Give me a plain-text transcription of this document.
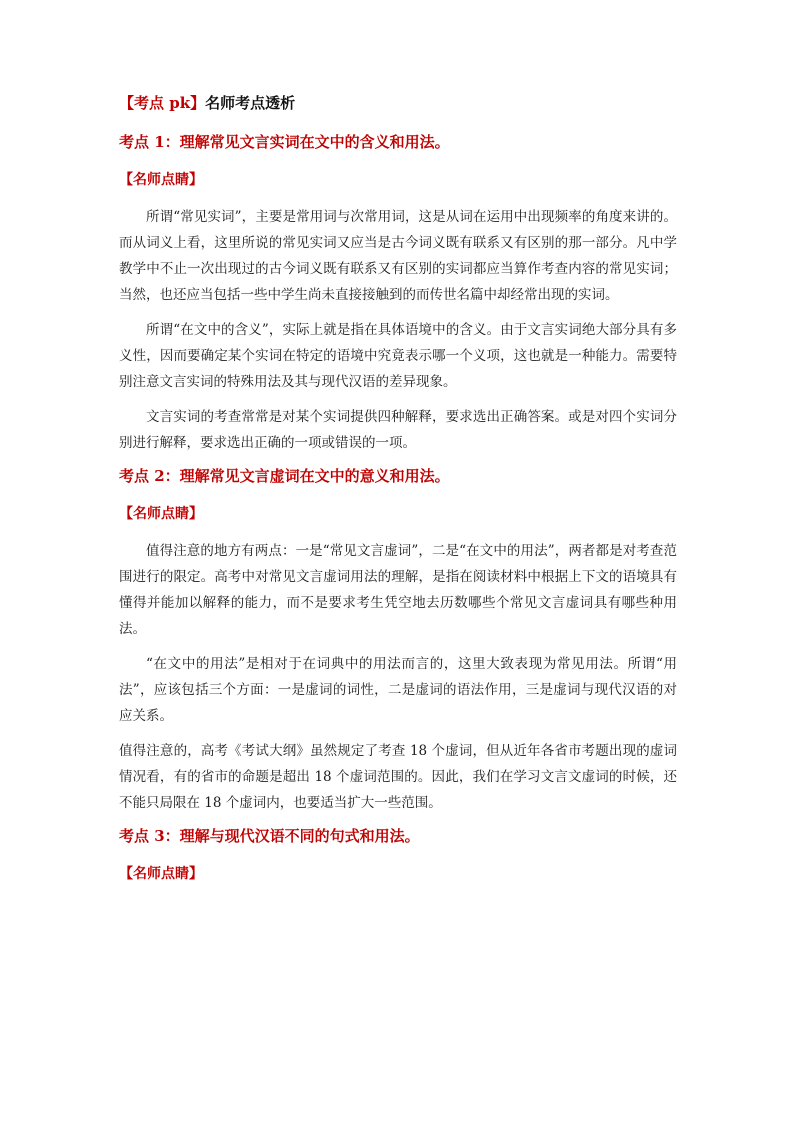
【考点 pk】名师考点透析
考点 1：理解常见文言实词在文中的含义和用法。
【名师点睛】

所谓“常见实词”，主要是常用词与次常用词，这是从词在运用中出现频率的角度来讲的。而从词义上看，这里所说的常见实词又应当是古今词义既有联系又有区别的那一部分。凡中学教学中不止一次出现过的古今词义既有联系又有区别的实词都应当算作考查内容的常见实词；当然，也还应当包括一些中学生尚未直接接触到的而传世名篇中却经常出现的实词。

所谓“在文中的含义”，实际上就是指在具体语境中的含义。由于文言实词绝大部分具有多义性，因而要确定某个实词在特定的语境中究竟表示哪一个义项，这也就是一种能力。需要特别注意文言实词的特殊用法及其与现代汉语的差异现象。

文言实词的考查常常是对某个实词提供四种解释，要求选出正确答案。或是对四个实词分别进行解释，要求选出正确的一项或错误的一项。

考点 2：理解常见文言虚词在文中的意义和用法。
【名师点睛】

值得注意的地方有两点：一是“常见文言虚词”，二是“在文中的用法”，两者都是对考查范围进行的限定。高考中对常见文言虚词用法的理解，是指在阅读材料中根据上下文的语境具有懂得并能加以解释的能力，而不是要求考生凭空地去历数哪些个常见文言虚词具有哪些种用法。

“在文中的用法”是相对于在词典中的用法而言的，这里大致表现为常见用法。所谓“用法”，应该包括三个方面：一是虚词的词性，二是虚词的语法作用，三是虚词与现代汉语的对应关系。

值得注意的，高考《考试大纲》虽然规定了考查 18 个虚词，但从近年各省市考题出现的虚词情况看，有的省市的命题是超出 18 个虚词范围的。因此，我们在学习文言文虚词的时候，还不能只局限在 18 个虚词内，也要适当扩大一些范围。

考点 3：理解与现代汉语不同的句式和用法。
【名师点睛】
